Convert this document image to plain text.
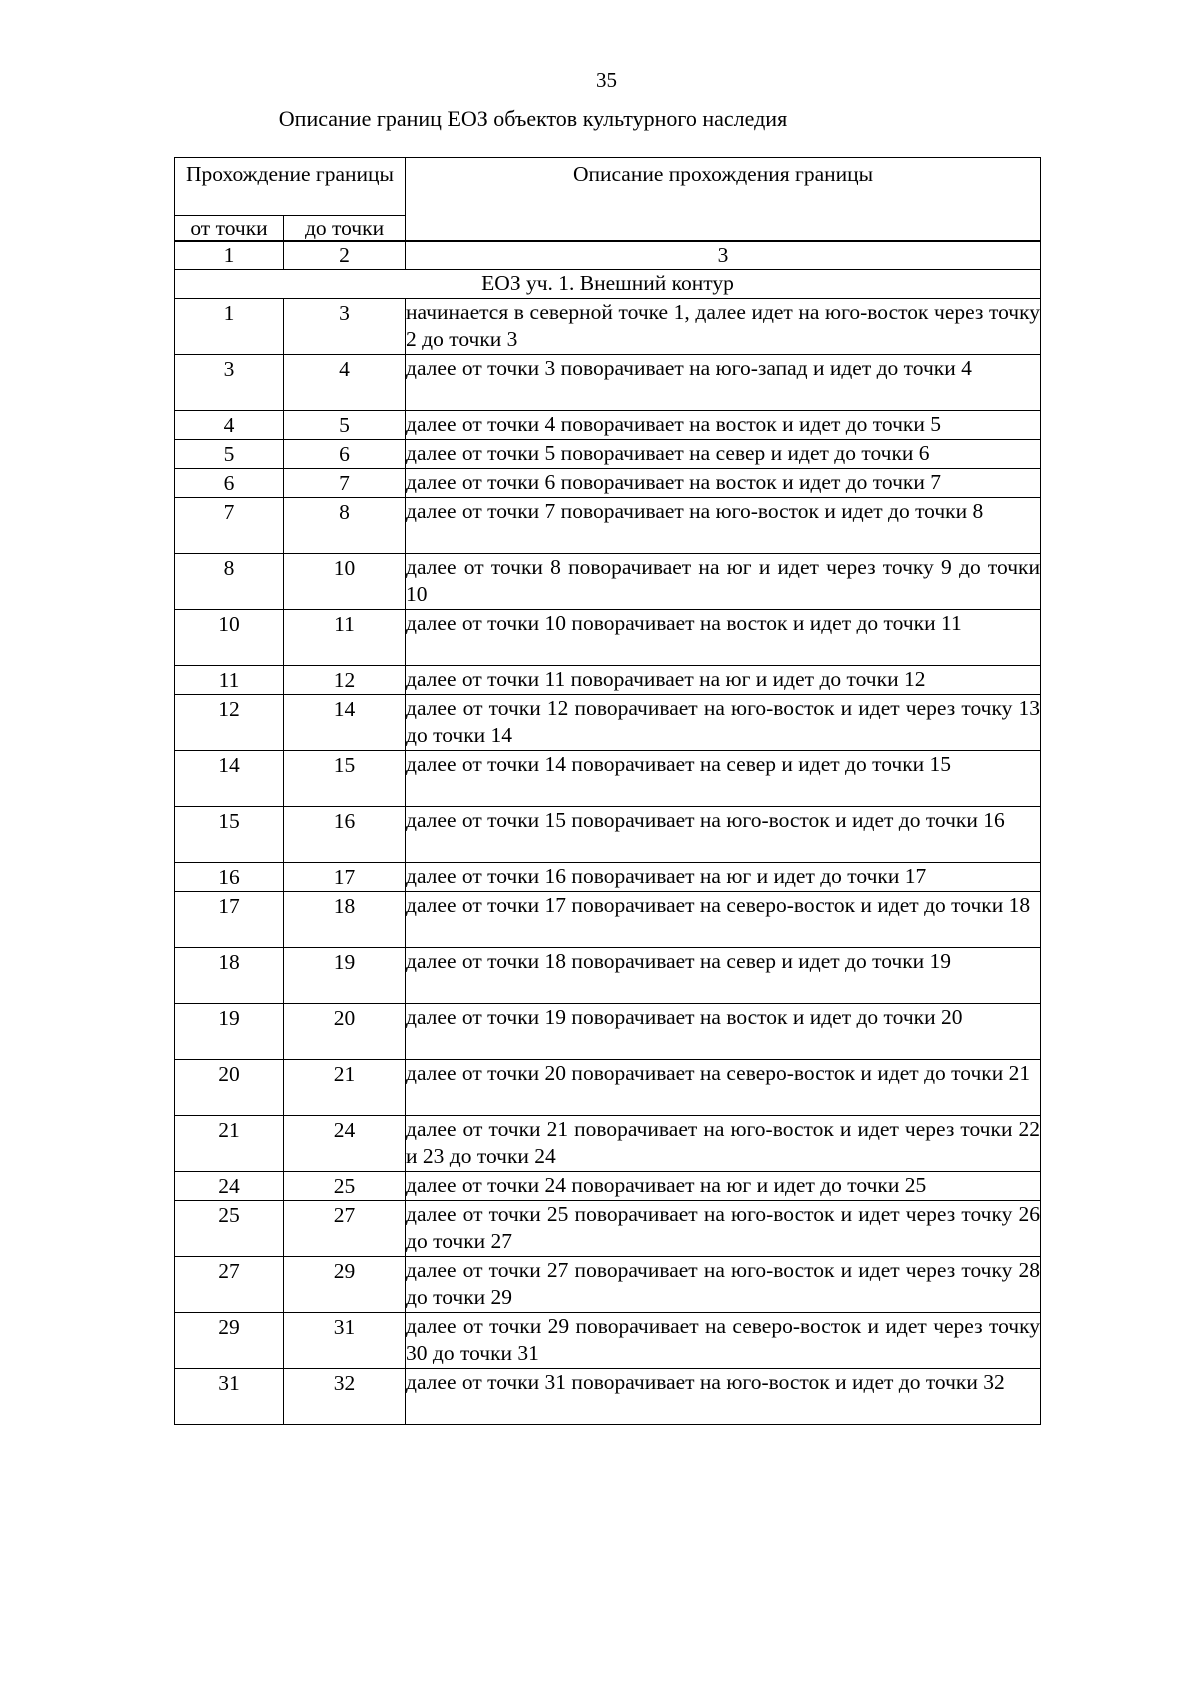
35
Описание границ ЕОЗ объектов культурного наследия
Прохождение границы		Описание прохождения границы
от точки	до точки	
1	2	3
ЕОЗ уч. 1. Внешний контур		
1	3	начинается в северной точке 1, далее идет на юго-восток через точку 2 до точки 3
3	4	далее от точки 3 поворачивает на юго-запад и идет до точки 4
4	5	далее от точки 4 поворачивает на восток и идет до точки 5
5	6	далее от точки 5 поворачивает на север и идет до точки 6
6	7	далее от точки 6 поворачивает на восток и идет до точки 7
7	8	далее от точки 7 поворачивает на юго-восток и идет до точки 8
8	10	далее от точки 8 поворачивает на юг и идет через точку 9 до точки 10
10	11	далее от точки 10 поворачивает на восток и идет до точки 11
11	12	далее от точки 11 поворачивает на юг и идет до точки 12
12	14	далее от точки 12 поворачивает на юго-восток и идет через точку 13 до точки 14
14	15	далее от точки 14 поворачивает на север и идет до точки 15
15	16	далее от точки 15 поворачивает на юго-восток и идет до точки 16
16	17	далее от точки 16 поворачивает на юг и идет до точки 17
17	18	далее от точки 17 поворачивает на северо-восток и идет до точки 18
18	19	далее от точки 18 поворачивает на север и идет до точки 19
19	20	далее от точки 19 поворачивает на восток и идет до точки 20
20	21	далее от точки 20 поворачивает на северо-восток и идет до точки 21
21	24	далее от точки 21 поворачивает на юго-восток и идет через точки 22 и 23 до точки 24
24	25	далее от точки 24 поворачивает на юг и идет до точки 25
25	27	далее от точки 25 поворачивает на юго-восток и идет через точку 26 до точки 27
27	29	далее от точки 27 поворачивает на юго-восток и идет через точку 28 до точки 29
29	31	далее от точки 29 поворачивает на северо-восток и идет через точку 30 до точки 31
31	32	далее от точки 31 поворачивает на юго-восток и идет до точки 32
